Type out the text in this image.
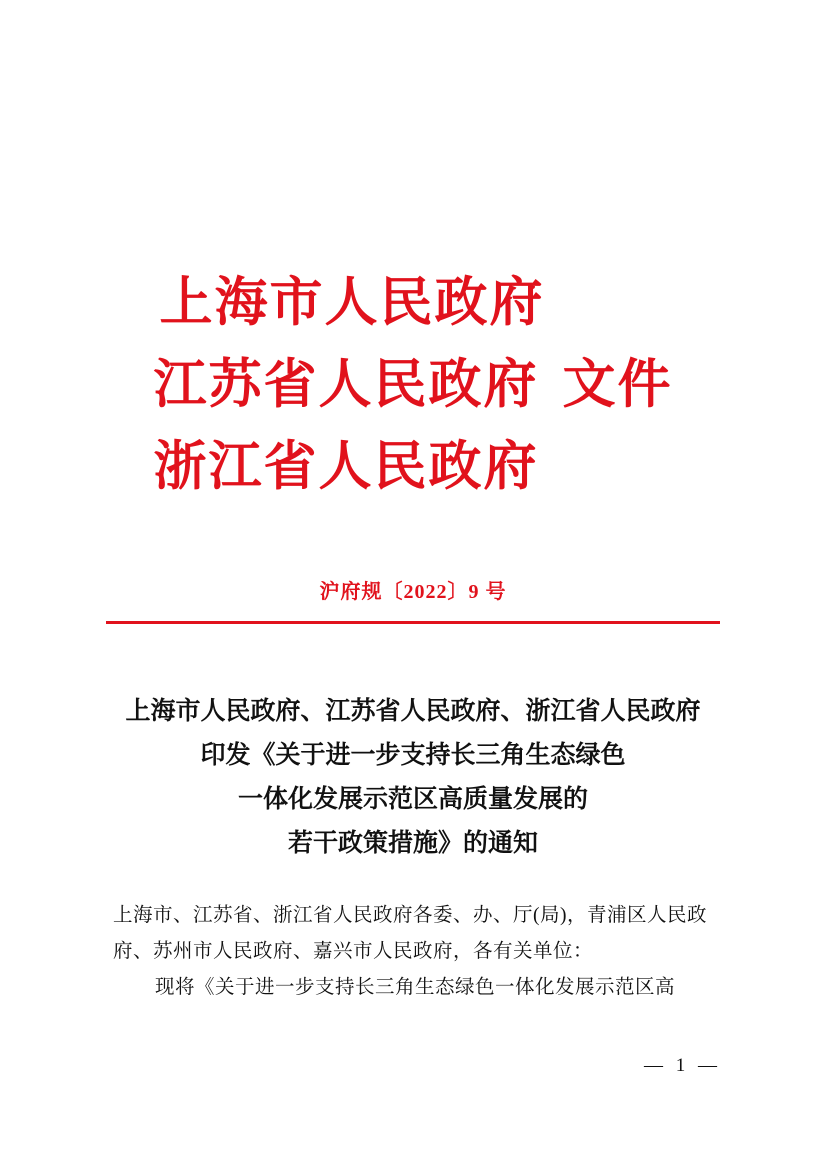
上海市人民政府
江苏省人民政府 文件
浙江省人民政府
沪府规〔2022〕9 号
上海市人民政府、江苏省人民政府、浙江省人民政府
印发《关于进一步支持长三角生态绿色
一体化发展示范区高质量发展的
若干政策措施》的通知
上海市、江苏省、浙江省人民政府各委、办、厅(局)，青浦区人民政
府、苏州市人民政府、嘉兴市人民政府，各有关单位：
现将《关于进一步支持长三角生态绿色一体化发展示范区高
— 1 —
